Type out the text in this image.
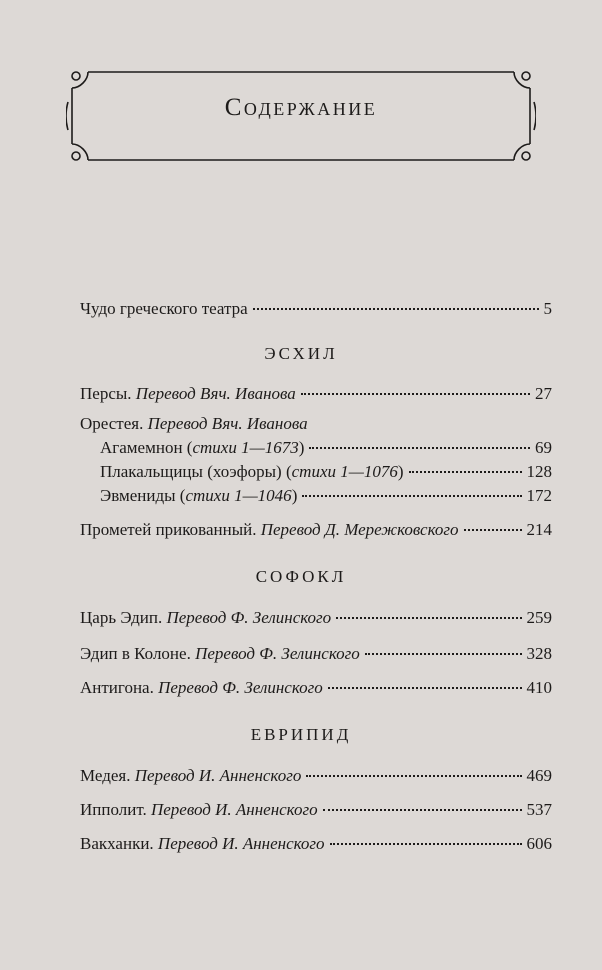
Содержание
Чудо греческого театра	5
ЭСХИЛ
Персы. Перевод Вяч. Иванова	27
Орестея. Перевод Вяч. Иванова
Агамемнон (стихи 1—1673)	69
Плакальщицы (хоэфоры) (стихи 1—1076)	128
Эвмениды (стихи 1—1046)	172
Прометей прикованный. Перевод Д. Мережковского	214
СОФОКЛ
Царь Эдип. Перевод Ф. Зелинского	259
Эдип в Колоне. Перевод Ф. Зелинского	328
Антигона. Перевод Ф. Зелинского	410
ЕВРИПИД
Медея. Перевод И. Анненского	469
Ипполит. Перевод И. Анненского	537
Вакханки. Перевод И. Анненского	606
